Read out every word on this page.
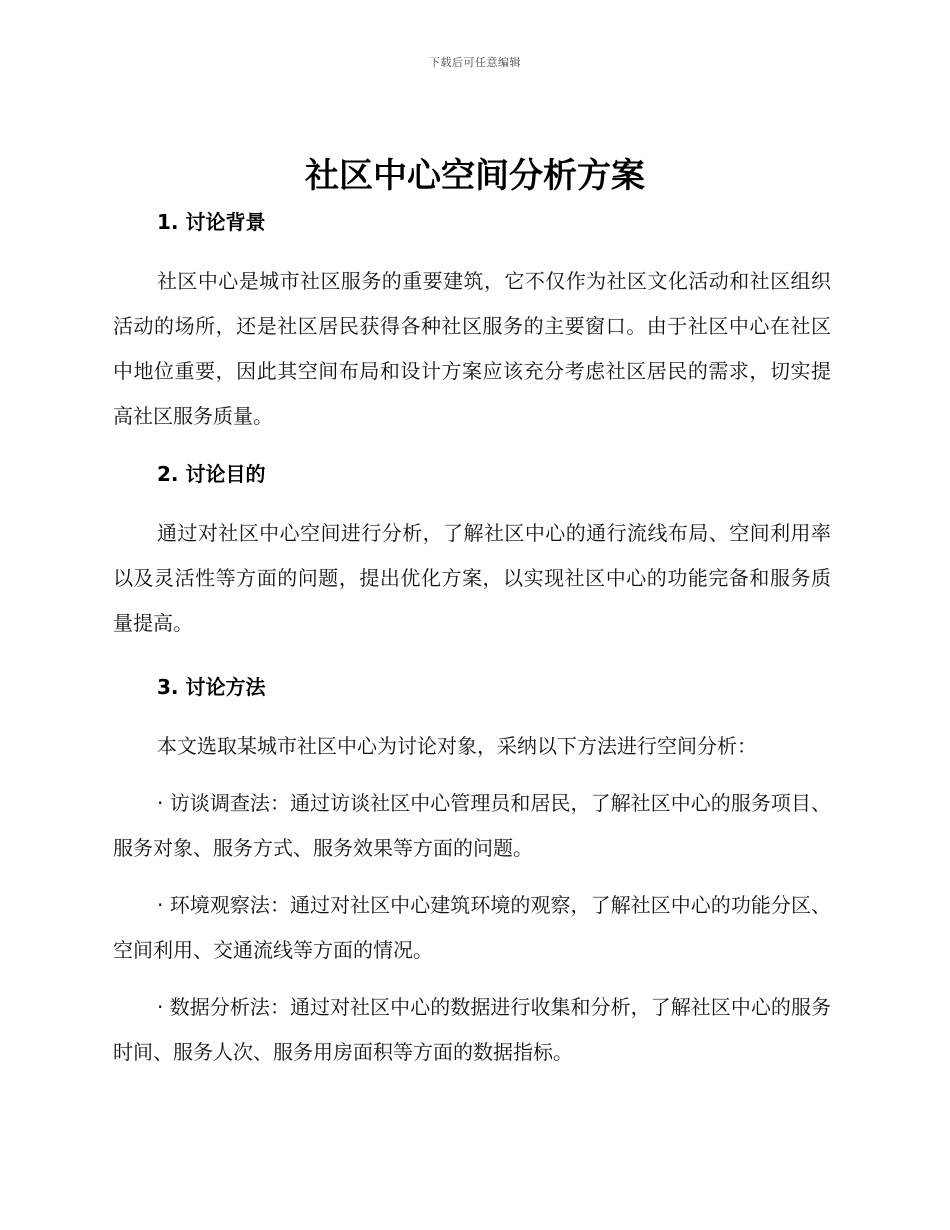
下载后可任意编辑
社区中心空间分析方案

1. 讨论背景

社区中心是城市社区服务的重要建筑，它不仅作为社区文化活动和社区组织活动的场所，还是社区居民获得各种社区服务的主要窗口。由于社区中心在社区中地位重要，因此其空间布局和设计方案应该充分考虑社区居民的需求，切实提高社区服务质量。

2. 讨论目的

通过对社区中心空间进行分析，了解社区中心的通行流线布局、空间利用率以及灵活性等方面的问题，提出优化方案，以实现社区中心的功能完备和服务质量提高。

3. 讨论方法

本文选取某城市社区中心为讨论对象，采纳以下方法进行空间分析：

· 访谈调查法：通过访谈社区中心管理员和居民，了解社区中心的服务项目、服务对象、服务方式、服务效果等方面的问题。

· 环境观察法：通过对社区中心建筑环境的观察，了解社区中心的功能分区、空间利用、交通流线等方面的情况。

· 数据分析法：通过对社区中心的数据进行收集和分析，了解社区中心的服务时间、服务人次、服务用房面积等方面的数据指标。
